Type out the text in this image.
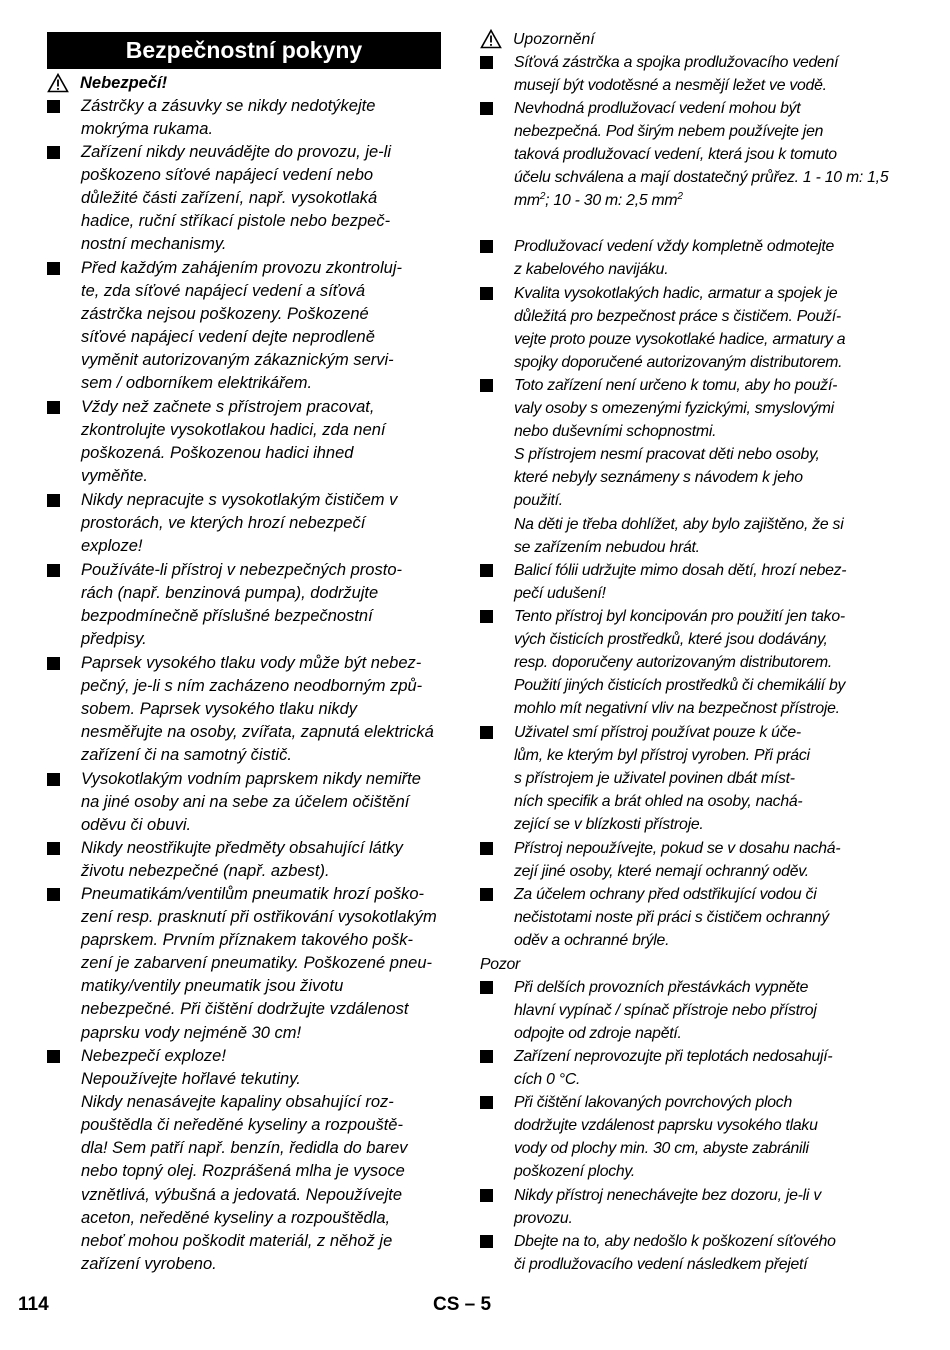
Bezpečnostní pokyny
Nebezpečí!
Zástrčky a zásuvky se nikdy nedotýkejte
mokrýma rukama.
Zařízení nikdy neuvádějte do provozu, je-li
poškozeno síťové napájecí vedení nebo
důležité části zařízení, např. vysokotlaká
hadice, ruční stříkací pistole nebo bezpeč-
nostní mechanismy.
Před každým zahájením provozu zkontroluj-
te, zda síťové napájecí vedení a síťová
zástrčka nejsou poškozeny. Poškozené
síťové napájecí vedení dejte neprodleně
vyměnit autorizovaným zákaznickým servi-
sem / odborníkem elektrikářem.
Vždy než začnete s přístrojem pracovat,
zkontrolujte vysokotlakou hadici, zda není
poškozená. Poškozenou hadici ihned
vyměňte.
Nikdy nepracujte s vysokotlakým čističem v
prostorách, ve kterých hrozí nebezpečí
exploze!
Používáte-li přístroj v nebezpečných prosto-
rách (např. benzinová pumpa), dodržujte
bezpodmínečně příslušné bezpečnostní
předpisy.
Paprsek vysokého tlaku vody může být nebez-
pečný, je-li s ním zacházeno neodborným způ-
sobem. Paprsek vysokého tlaku nikdy
nesměřujte na osoby, zvířata, zapnutá elektrická
zařízení či na samotný čistič.
Vysokotlakým vodním paprskem nikdy nemiřte
na jiné osoby ani na sebe za účelem očištění
oděvu či obuvi.
Nikdy neostřikujte předměty obsahující látky
životu nebezpečné (např. azbest).
Pneumatikám/ventilům pneumatik hrozí poško-
zení resp. prasknutí při ostřikování vysokotlakým
paprskem. Prvním příznakem takového pošk-
zení je zabarvení pneumatiky. Poškozené pneu-
matiky/ventily pneumatik jsou životu
nebezpečné. Při čištění dodržujte vzdálenost
paprsku vody nejméně 30 cm!
Nebezpečí exploze!
Nepoužívejte hořlavé tekutiny.
Nikdy nenasávejte kapaliny obsahující roz-
pouštědla či neředěné kyseliny a rozpouště-
dla! Sem patří např. benzín, ředidla do barev
nebo topný olej. Rozprášená mlha je vysoce
vznětlivá, výbušná a jedovatá. Nepoužívejte
aceton, neředěné kyseliny a rozpouštědla,
neboť mohou poškodit materiál, z něhož je
zařízení vyrobeno.
Upozornění
Pozor
Síťová zástrčka a spojka prodlužovacího vedení
musejí být vodotěsné a nesmějí ležet ve vodě.
Nevhodná prodlužovací vedení mohou být
nebezpečná. Pod širým nebem používejte jen
taková prodlužovací vedení, která jsou k tomuto
účelu schválena a mají dostatečný průřez. 1 - 10 m: 1,5
$mm^2$; 10 - 30 m: 2,5 $mm^2$
Prodlužovací vedení vždy kompletně odmotejte
z kabelového navijáku.
Kvalita vysokotlakých hadic, armatur a spojek je
důležitá pro bezpečnost práce s čističem. Použí-
vejte proto pouze vysokotlaké hadice, armatury a
spojky doporučené autorizovaným distributorem.
Toto zařízení není určeno k tomu, aby ho použí-
valy osoby s omezenými fyzickými, smyslovými
nebo duševními schopnostmi.
S přístrojem nesmí pracovat děti nebo osoby,
které nebyly seznámeny s návodem k jeho
použití.
Na děti je třeba dohlížet, aby bylo zajištěno, že si
se zařízením nebudou hrát.
Balicí fólii udržujte mimo dosah dětí, hrozí nebez-
pečí udušení!
Tento přístroj byl koncipován pro použití jen tako-
vých čisticích prostředků, které jsou dodávány,
resp. doporučeny autorizovaným distributorem.
Použití jiných čisticích prostředků či chemikálií by
mohlo mít negativní vliv na bezpečnost přístroje.
Uživatel smí přístroj používat pouze k úče-
lům, ke kterým byl přístroj vyroben. Při práci
s přístrojem je uživatel povinen dbát míst-
ních specifik a brát ohled na osoby, nachá-
zející se v blízkosti přístroje.
Přístroj nepoužívejte, pokud se v dosahu nachá-
zejí jiné osoby, které nemají ochranný oděv.
Za účelem ochrany před odstřikující vodou či
nečistotami noste při práci s čističem ochranný
oděv a ochranné brýle.
Při delších provozních přestávkách vypněte
hlavní vypínač / spínač přístroje nebo přístroj
odpojte od zdroje napětí.
Zařízení neprovozujte při teplotách nedosahují-
cích 0 °C.
Při čištění lakovaných povrchových ploch
dodržujte vzdálenost paprsku vysokého tlaku
vody od plochy min. 30 cm, abyste zabránili
poškození plochy.
Nikdy přístroj nenechávejte bez dozoru, je-li v
provozu.
Dbejte na to, aby nedošlo k poškození síťového
či prodlužovacího vedení následkem přejetí
114	CS – 5
